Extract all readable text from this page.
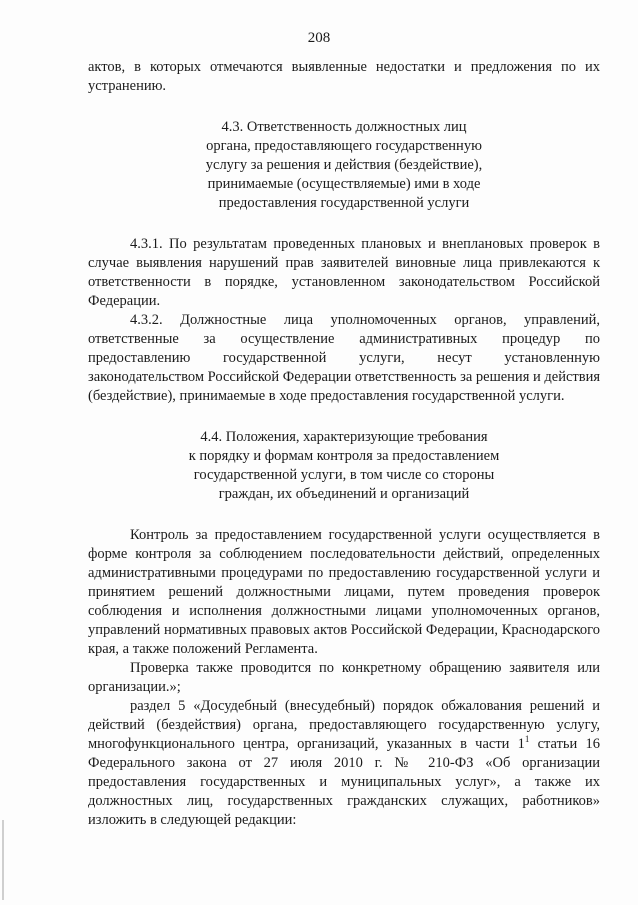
208

актов, в которых отмечаются выявленные недостатки и предложения по их устранению.

4.3. Ответственность должностных лиц

органа, предоставляющего государственную

услугу за решения и действия (бездействие),

принимаемые (осуществляемые) ими в ходе

предоставления государственной услуги

4.3.1. По результатам проведенных плановых и внеплановых проверок в случае выявления нарушений прав заявителей виновные лица привлекаются к ответственности в порядке, установленном законодательством Российской Федерации.

4.3.2. Должностные лица уполномоченных органов, управлений, ответственные за осуществление административных процедур по предоставлению государственной услуги, несут установленную законодательством Российской Федерации ответственность за решения и действия (бездействие), принимаемые в ходе предоставления государственной услуги.

4.4. Положения, характеризующие требования

к порядку и формам контроля за предоставлением

государственной услуги, в том числе со стороны

граждан, их объединений и организаций

Контроль за предоставлением государственной услуги осуществляется в форме контроля за соблюдением последовательности действий, определенных административными процедурами по предоставлению государственной услуги и принятием решений должностными лицами, путем проведения проверок соблюдения и исполнения должностными лицами уполномоченных органов, управлений нормативных правовых актов Российской Федерации, Краснодарского края, а также положений Регламента.

Проверка также проводится по конкретному обращению заявителя или организации.»;

раздел 5 «Досудебный (внесудебный) порядок обжалования решений и действий (бездействия) органа, предоставляющего государственную услугу, многофункционального центра, организаций, указанных в части $1^1$ статьи 16 Федерального закона от 27 июля 2010 г. № 210-ФЗ «Об организации предоставления государственных и муниципальных услуг», а также их должностных лиц, государственных гражданских служащих, работников» изложить в следующей редакции:
